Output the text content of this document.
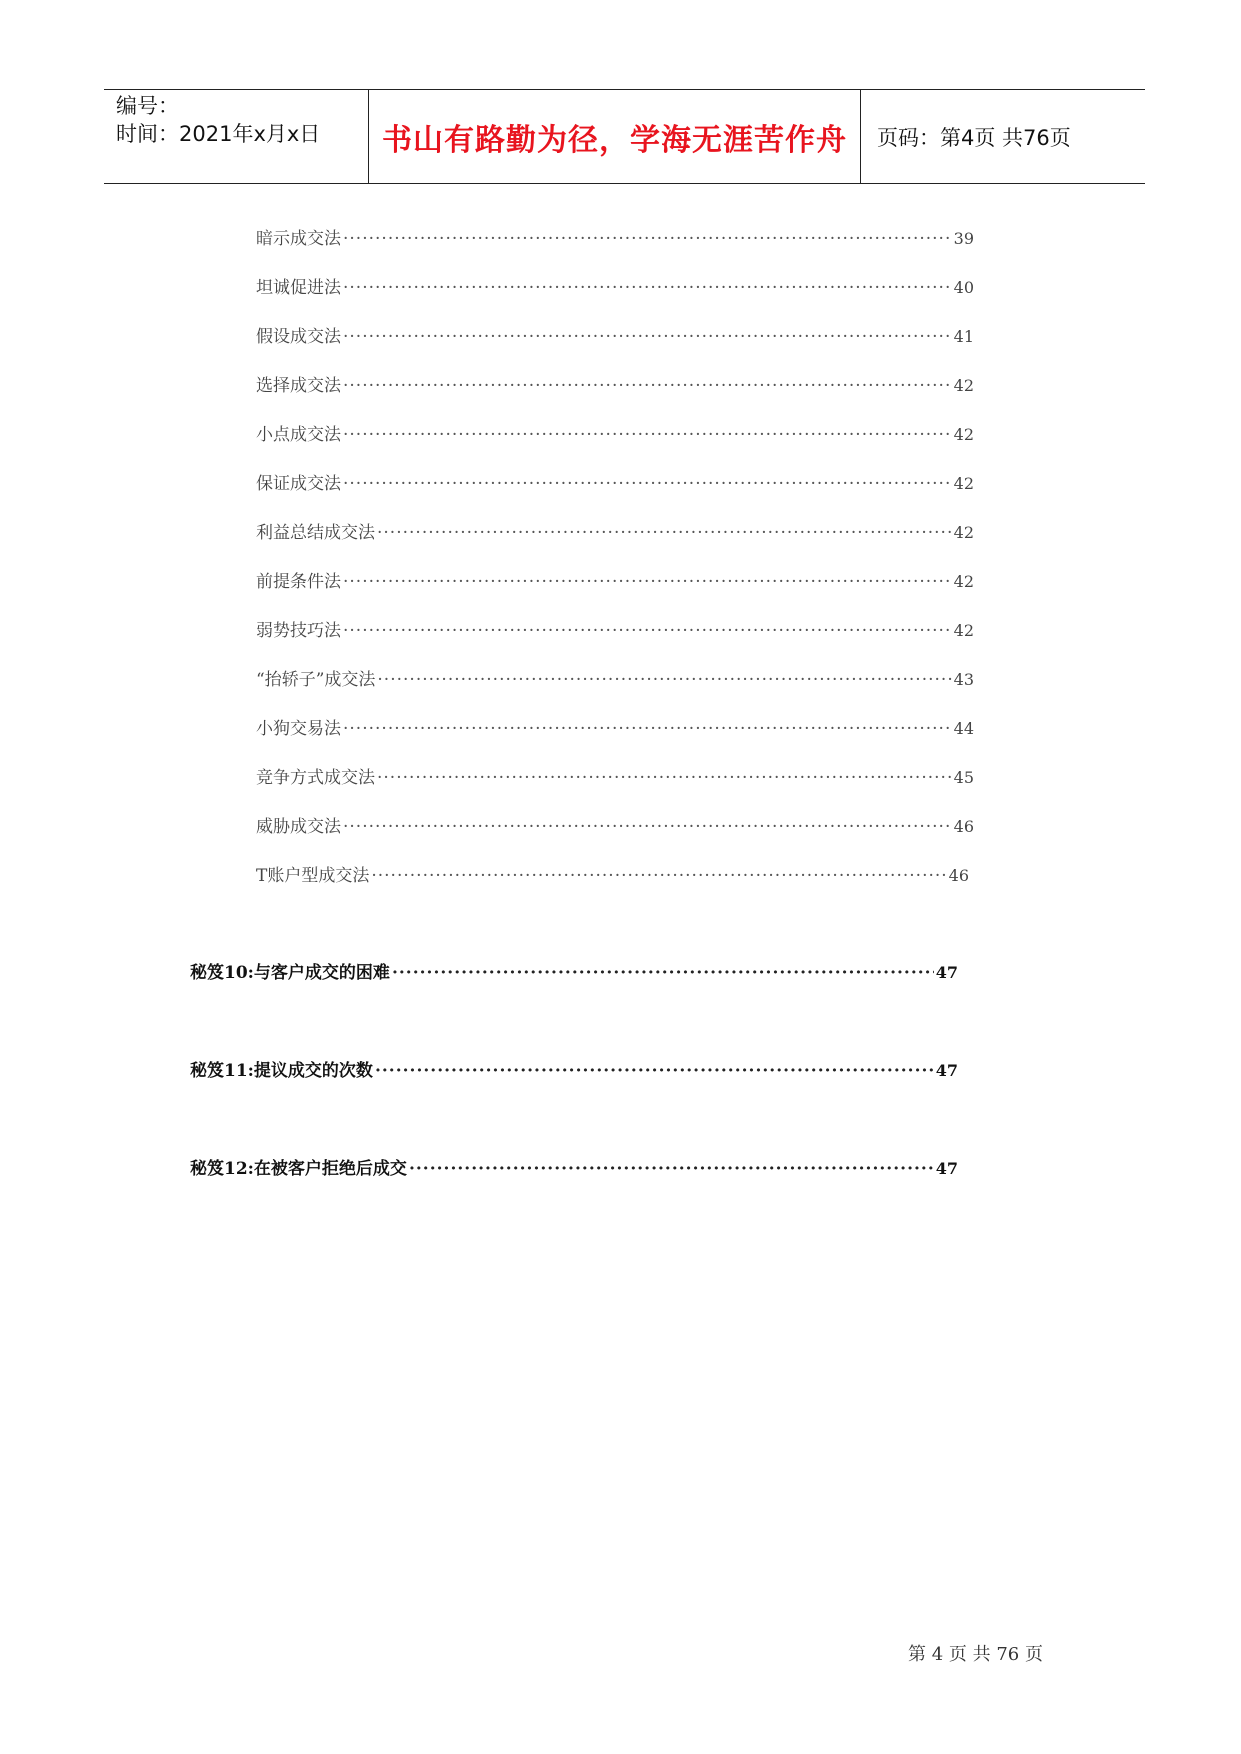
编号：
时间：2021年x月x日	书山有路勤为径，学海无涯苦作舟 页码：第4页 共76页
暗示成交法 ·····	39
坦诚促进法 ·····	40
假设成交法 ·····	41
选择成交法 ·····	42
小点成交法 ·····	42
保证成交法 ·····	42
利益总结成交法 ·····	42
前提条件法 ·····	42
弱势技巧法 ·····	42
“抬轿子”成交法 ·····	43
小狗交易法 ·····	44
竞争方式成交法 ·····	45
威胁成交法 ·····	46
T账户型成交法 ·····	46
秘笈10:与客户成交的困难 ·····	47
秘笈11:提议成交的次数 ·····	47
秘笈12:在被客户拒绝后成交 ·····	47
第 4 页 共 76 页
